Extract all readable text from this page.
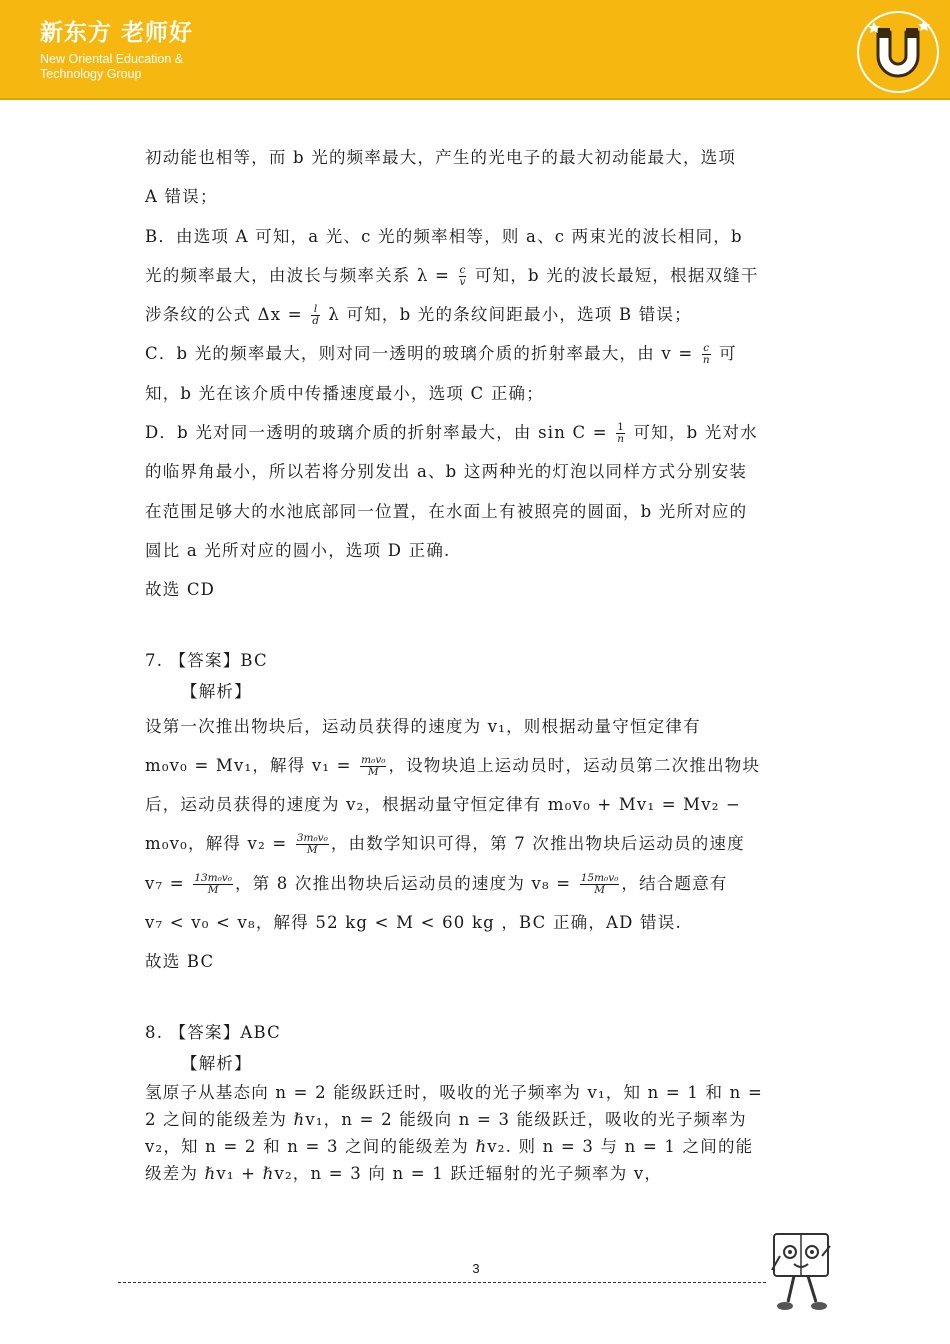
新东方 老师好
New Oriental Education &
Technology Group
初动能也相等，而 b 光的频率最大，产生的光电子的最大初动能最大，选项
A 错误；
B．由选项 A 可知，a 光、c 光的频率相等，则 a、c 两束光的波长相同，b
光的频率最大，由波长与频率关系 $\lambda = \frac{c}{v}$ 可知，b 光的波长最短，根据双缝干
涉条纹的公式 $\Delta x = \frac{l}{d}$ λ 可知，b 光的条纹间距最小，选项 B 错误；
C．b 光的频率最大，则对同一透明的玻璃介质的折射率最大，由 $v = \frac{c}{n}$ 可
知，b 光在该介质中传播速度最小，选项 C 正确；
D．b 光对同一透明的玻璃介质的折射率最大，由 $\sin C = \frac{1}{n}$ 可知，b 光对水
的临界角最小，所以若将分别发出 a、b 这两种光的灯泡以同样方式分别安装
在范围足够大的水池底部同一位置，在水面上有被照亮的圆面，b 光所对应的
圆比 a 光所对应的圆小，选项 D 正确.
故选 CD
7. 【答案】BC
【解析】
设第一次推出物块后，运动员获得的速度为 v₁，则根据动量守恒定律有
m₀v₀ = Mv₁，解得 $v_1 = \frac{\text{m₀v₀}}{M}$ ，设物块追上运动员时，运动员第二次推出物块
后，运动员获得的速度为 v₂，根据动量守恒定律有 m₀v₀ + Mv₁ = Mv₂ −
m₀v₀，解得 $v_2 = \frac{\text{3m₀v₀}}{M}$ ，由数学知识可得，第 7 次推出物块后运动员的速度
$v_7 = \frac{\text{13m₀v₀}}{M}$ ，第 8 次推出物块后运动员的速度为 $v_8 = \frac{\text{15m₀v₀}}{M}$ ，结合题意有
v₇ < v₀ < v₈，解得 52 kg < M < 60 kg ，BC 正确，AD 错误.
故选 BC
8. 【答案】ABC
【解析】
氢原子从基态向 n = 2 能级跃迁时，吸收的光子频率为 v₁，知 n = 1 和 n =
2 之间的能级差为 ℏv₁，n = 2 能级向 n = 3 能级跃迁，吸收的光子频率为
v₂，知 n = 2 和 n = 3 之间的能级差为 ℏv₂. 则 n = 3 与 n = 1 之间的能
级差为 ℏv₁ + ℏv₂，n = 3 向 n = 1 跃迁辐射的光子频率为 v，
3
